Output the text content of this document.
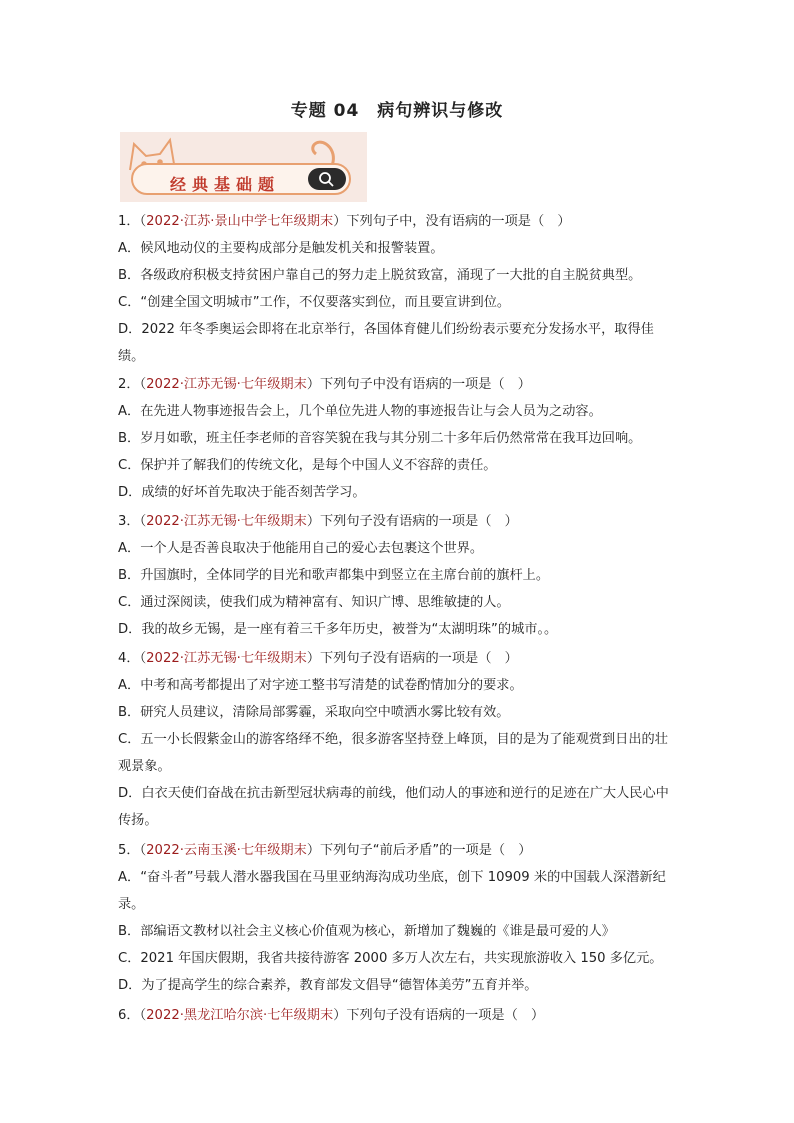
专题 04　病句辨识与修改
经典基础题
1．（2022·江苏·景山中学七年级期末）下列句子中，没有语病的一项是（　）
A．候风地动仪的主要构成部分是触发机关和报警装置。
B．各级政府积极支持贫困户靠自己的努力走上脱贫致富，涌现了一大批的自主脱贫典型。
C．“创建全国文明城市”工作，不仅要落实到位，而且要宣讲到位。
D．2022 年冬季奥运会即将在北京举行，各国体育健儿们纷纷表示要充分发扬水平，取得佳绩。
2．（2022·江苏无锡·七年级期末）下列句子中没有语病的一项是（　）
A．在先进人物事迹报告会上，几个单位先进人物的事迹报告让与会人员为之动容。
B．岁月如歌，班主任李老师的音容笑貌在我与其分别二十多年后仍然常常在我耳边回响。
C．保护并了解我们的传统文化，是每个中国人义不容辞的责任。
D．成绩的好坏首先取决于能否刻苦学习。
3．（2022·江苏无锡·七年级期末）下列句子没有语病的一项是（　）
A．一个人是否善良取决于他能用自己的爱心去包裹这个世界。
B．升国旗时，全体同学的目光和歌声都集中到竖立在主席台前的旗杆上。
C．通过深阅读，使我们成为精神富有、知识广博、思维敏捷的人。
D．我的故乡无锡，是一座有着三千多年历史，被誉为“太湖明珠”的城市。。
4．（2022·江苏无锡·七年级期末）下列句子没有语病的一项是（　）
A．中考和高考都提出了对字迹工整书写清楚的试卷酌情加分的要求。
B．研究人员建议，清除局部雾霾，采取向空中喷洒水雾比较有效。
C．五一小长假紫金山的游客络绎不绝，很多游客坚持登上峰顶，目的是为了能观赏到日出的壮观景象。
D．白衣天使们奋战在抗击新型冠状病毒的前线，他们动人的事迹和逆行的足迹在广大人民心中传扬。
5．（2022·云南玉溪·七年级期末）下列句子“前后矛盾”的一项是（　）
A．“奋斗者”号载人潜水器我国在马里亚纳海沟成功坐底，创下 10909 米的中国载人深潜新纪录。
B．部编语文教材以社会主义核心价值观为核心，新增加了魏巍的《谁是最可爱的人》
C．2021 年国庆假期，我省共接待游客 2000 多万人次左右，共实现旅游收入 150 多亿元。
D．为了提高学生的综合素养，教育部发文倡导“德智体美劳”五育并举。
6．（2022·黑龙江哈尔滨·七年级期末）下列句子没有语病的一项是（　）
